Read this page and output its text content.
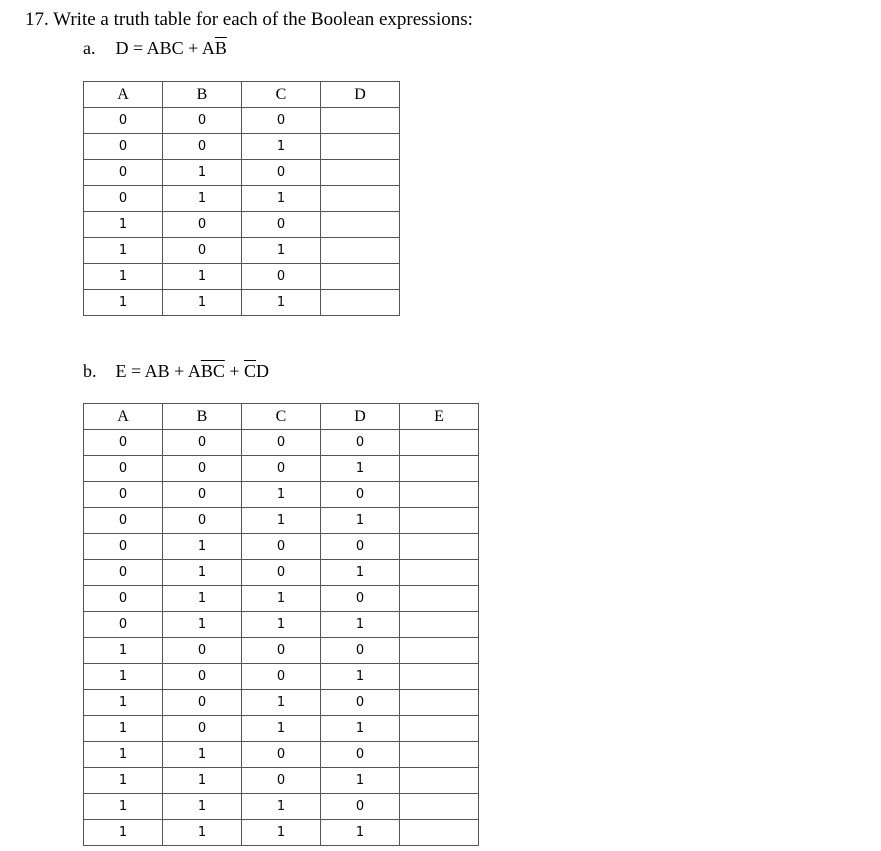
17. Write a truth table for each of the Boolean expressions:
a. D = ABC + $A\overline{B}$
A	B	C	D
0	0	0	
0	0	1	
0	1	0	
0	1	1	
1	0	0	
1	0	1	
1	1	0	
1	1	1	
b. E = AB + $A\overline{BC} + \overline{C}D$
A	B	C	D	E
0	0	0	0	
0	0	0	1	
0	0	1	0	
0	0	1	1	
0	1	0	0	
0	1	0	1	
0	1	1	0	
0	1	1	1	
1	0	0	0	
1	0	0	1	
1	0	1	0	
1	0	1	1	
1	1	0	0	
1	1	0	1	
1	1	1	0	
1	1	1	1	
